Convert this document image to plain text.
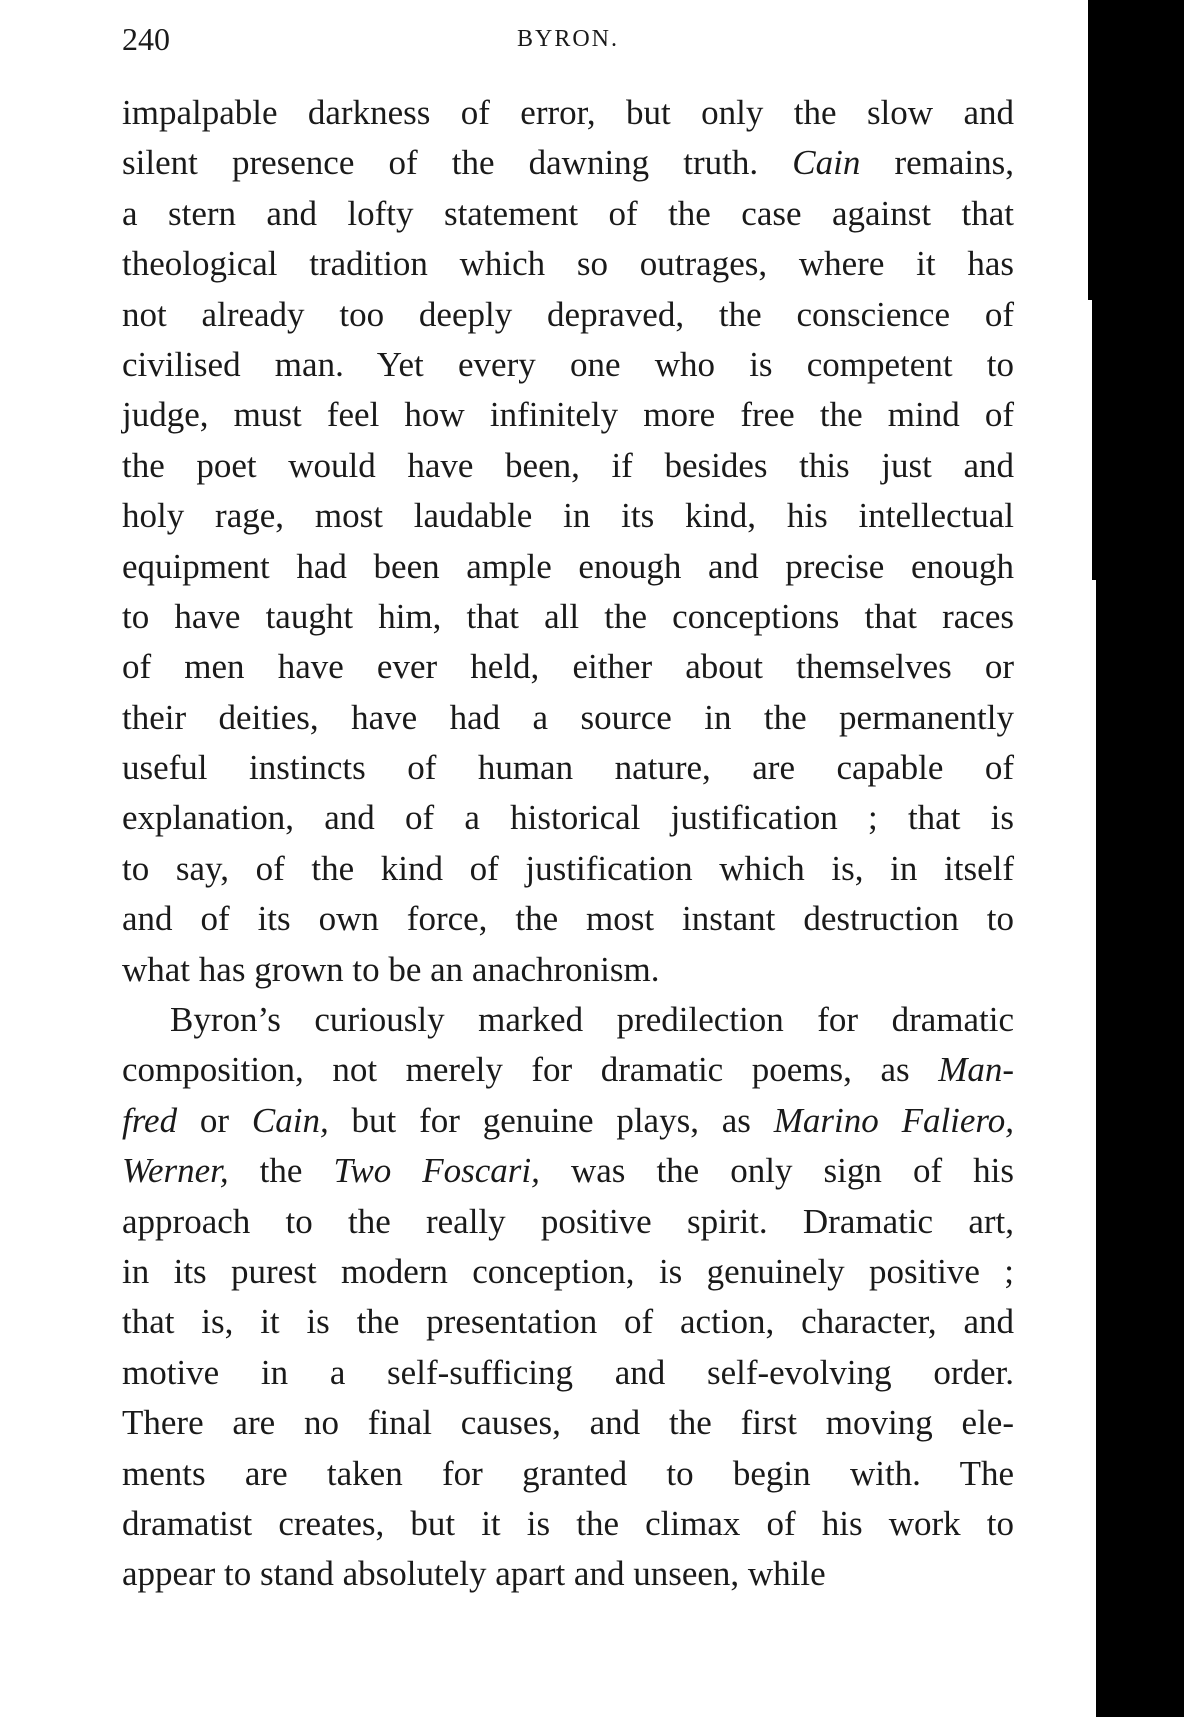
240	BYRON.
impalpable darkness of error, but only the slow and
silent presence of the dawning truth. Cain remains,
a stern and lofty statement of the case against that
theological tradition which so outrages, where it has
not already too deeply depraved, the conscience of
civilised man. Yet every one who is competent to
judge, must feel how infinitely more free the mind of
the poet would have been, if besides this just and
holy rage, most laudable in its kind, his intellectual
equipment had been ample enough and precise enough
to have taught him, that all the conceptions that races
of men have ever held, either about themselves or
their deities, have had a source in the permanently
useful instincts of human nature, are capable of
explanation, and of a historical justification ; that is
to say, of the kind of justification which is, in itself
and of its own force, the most instant destruction to
what has grown to be an anachronism.
Byron’s curiously marked predilection for dramatic
composition, not merely for dramatic poems, as Man-
fred or Cain, but for genuine plays, as Marino Faliero,
Werner, the Two Foscari, was the only sign of his
approach to the really positive spirit. Dramatic art,
in its purest modern conception, is genuinely positive ;
that is, it is the presentation of action, character, and
motive in a self-sufficing and self-evolving order.
There are no final causes, and the first moving ele-
ments are taken for granted to begin with. The
dramatist creates, but it is the climax of his work to
appear to stand absolutely apart and unseen, while
